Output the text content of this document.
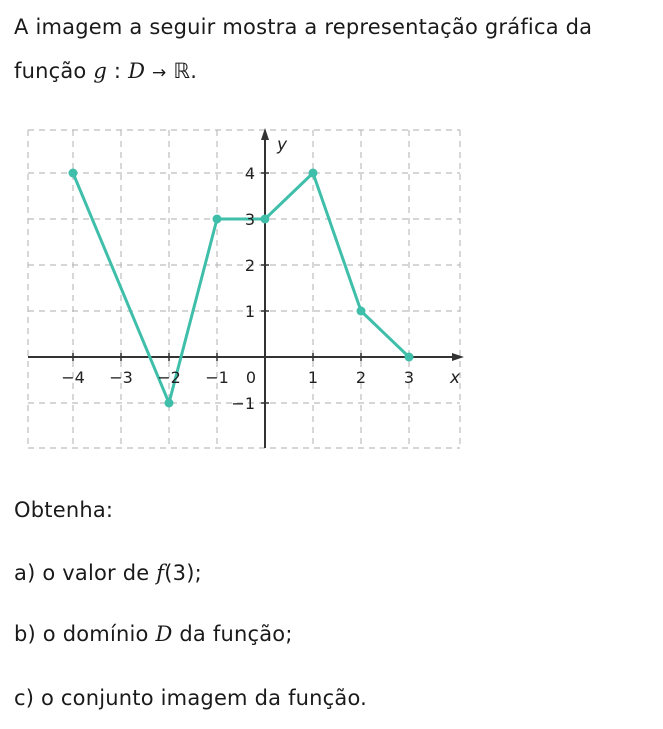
A imagem a seguir mostra a representação gráfica da
função g : D → ℝ.
−4 −3 −2 −1 0	1 2 3
4
3
2
1
−1
x
y
Obtenha:
a) o valor de f(3);
b) o domínio D da função;
c) o conjunto imagem da função.
